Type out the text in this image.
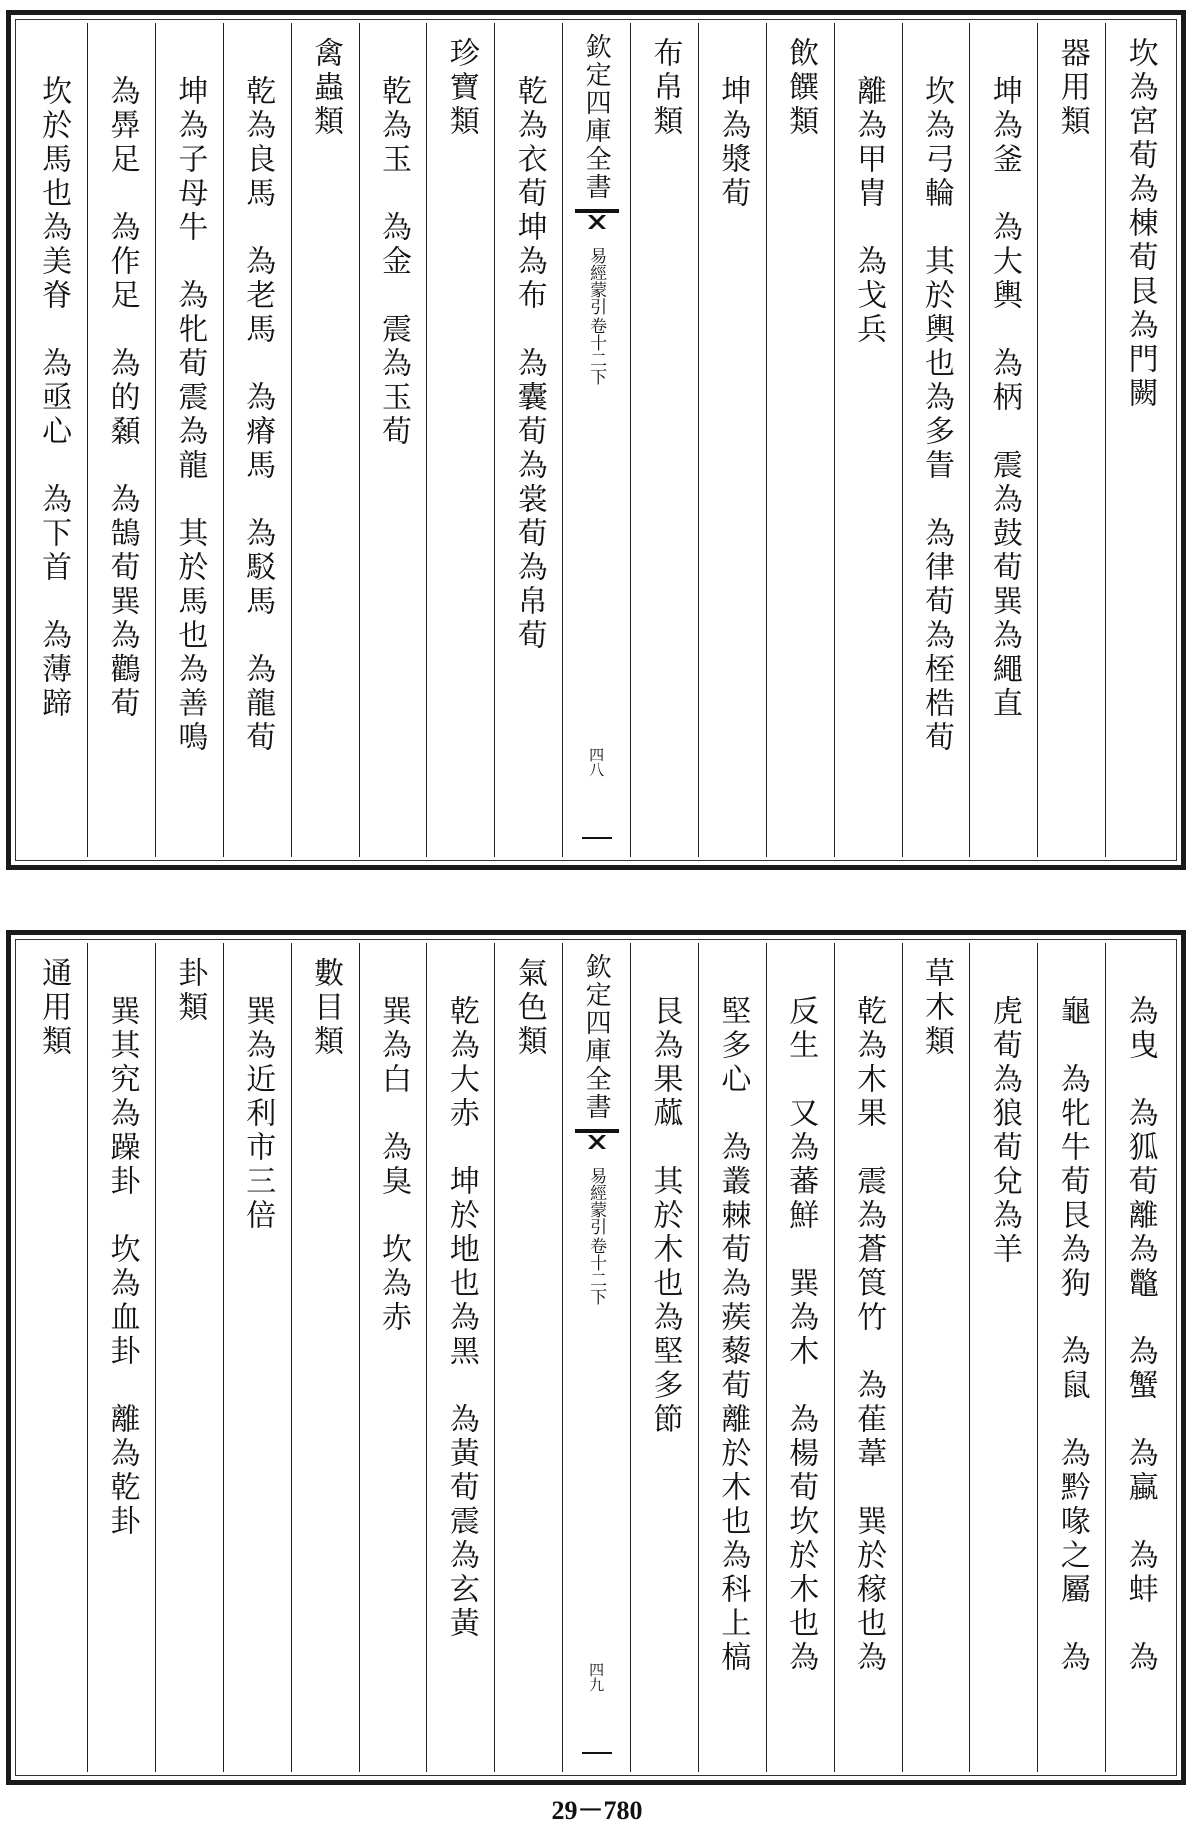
坎為宮荀為棟荀艮為門闕
器用類
坤為釜　為大輿　為柄　震為鼓荀巽為繩直
坎為弓輪　其於輿也為多眚　為律荀為桎梏荀
離為甲胄　為戈兵
飲饌類
坤為漿荀
布帛類
欽定四庫全書
易經蒙引
卷十二下
四八
乾為衣荀坤為布　為囊荀為裳荀為帛荀
珍寶類
乾為玉　為金　震為玉荀
禽蟲類
乾為良馬　為老馬　為瘠馬　為駁馬　為龍荀
坤為子母牛　為牝荀震為龍　其於馬也為善鳴
為馵足　為作足　為的顙　為鵠荀巽為鸛荀
坎於馬也為美脊　為亟心　為下首　為薄蹄
為曳　為狐荀離為鼈　為蟹　為蠃　為蚌　為
龜　為牝牛荀艮為狗　為鼠　為黔喙之屬　為
虎荀為狼荀兌為羊
草木類
乾為木果　震為蒼筤竹　為萑葦　巽於稼也為
反生　又為蕃鮮　巽為木　為楊荀坎於木也為
堅多心　為叢棘荀為蒺藜荀離於木也為科上槁
艮為果蓏　其於木也為堅多節
欽定四庫全書
易經蒙引
卷十二下
四九
氣色類
乾為大赤　坤於地也為黑　為黃荀震為玄黃
巽為白　為臭　坎為赤
數目類
巽為近利市三倍
卦類
巽其究為躁卦　坎為血卦　離為乾卦
通用類
29－780
